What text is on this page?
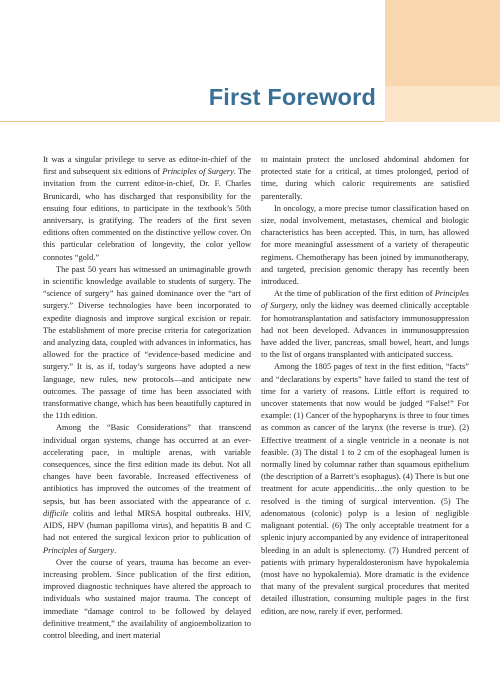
First Foreword

It was a singular privilege to serve as editor-in-chief of the first and subsequent six editions of Principles of Surgery. The invitation from the current editor-in-chief, Dr. F. Charles Brunicardi, who has discharged that responsibility for the ensuing four editions, to participate in the textbook’s 50th anniversary, is gratifying. The readers of the first seven editions often commented on the distinctive yellow cover. On this particular celebration of longevity, the color yellow connotes “gold.”

The past 50 years has witnessed an unimaginable growth in scientific knowledge available to students of surgery. The “science of surgery” has gained dominance over the “art of surgery.” Diverse technologies have been incorporated to expedite diagnosis and improve surgical excision or repair. The establishment of more precise criteria for categorization and analyzing data, coupled with advances in informatics, has allowed for the practice of “evidence-based medicine and surgery.” It is, as if, today’s surgeons have adopted a new language, new rules, new protocols—and anticipate new outcomes. The passage of time has been associated with transformative change, which has been beautifully captured in the 11th edition.

Among the “Basic Considerations” that transcend individual organ systems, change has occurred at an ever-accelerating pace, in multiple arenas, with variable consequences, since the first edition made its debut. Not all changes have been favorable. Increased effectiveness of antibiotics has improved the outcomes of the treatment of sepsis, but has been associated with the appearance of c. difficile colitis and lethal MRSA hospital outbreaks. HIV, AIDS, HPV (human papilloma virus), and hepatitis B and C had not entered the surgical lexicon prior to publication of Principles of Surgery.

Over the course of years, trauma has become an ever-increasing problem. Since publication of the first edition, improved diagnostic techniques have altered the approach to individuals who sustained major trauma. The concept of immediate “damage control to be followed by delayed definitive treatment,” the availability of angioembolization to control bleeding, and inert material

to maintain protect the unclosed abdominal abdomen for protected state for a critical, at times prolonged, period of time, during which caloric requirements are satisfied parenterally.

In oncology, a more precise tumor classification based on size, nodal involvement, metastases, chemical and biologic characteristics has been accepted. This, in turn, has allowed for more meaningful assessment of a variety of therapeutic regimens. Chemotherapy has been joined by immunotherapy, and targeted, precision genomic therapy has recently been introduced.

At the time of publication of the first edition of Principles of Surgery, only the kidney was deemed clinically acceptable for homotransplantation and satisfactory immunosuppression had not been developed. Advances in immunosuppression have added the liver, pancreas, small bowel, heart, and lungs to the list of organs transplanted with anticipated success.

Among the 1805 pages of text in the first edition, “facts” and “declarations by experts” have failed to stand the test of time for a variety of reasons. Little effort is required to uncover statements that now would be judged “False!” For example: (1) Cancer of the hypopharynx is three to four times as common as cancer of the larynx (the reverse is true). (2) Effective treatment of a single ventricle in a neonate is not feasible. (3) The distal 1 to 2 cm of the esophageal lumen is normally lined by columnar rather than squamous epithelium (the description of a Barrett’s esophagus). (4) There is but one treatment for acute appendicitis…the only question to be resolved is the timing of surgical intervention. (5) The adenomatous (colonic) polyp is a lesion of negligible malignant potential. (6) The only acceptable treatment for a splenic injury accompanied by any evidence of intraperitoneal bleeding in an adult is splenectomy. (7) Hundred percent of patients with primary hyperaldosteronism have hypokalemia (most have no hypokalemia). More dramatic is the evidence that many of the prevalent surgical procedures that merited detailed illustration, consuming multiple pages in the first edition, are now, rarely if ever, performed.
